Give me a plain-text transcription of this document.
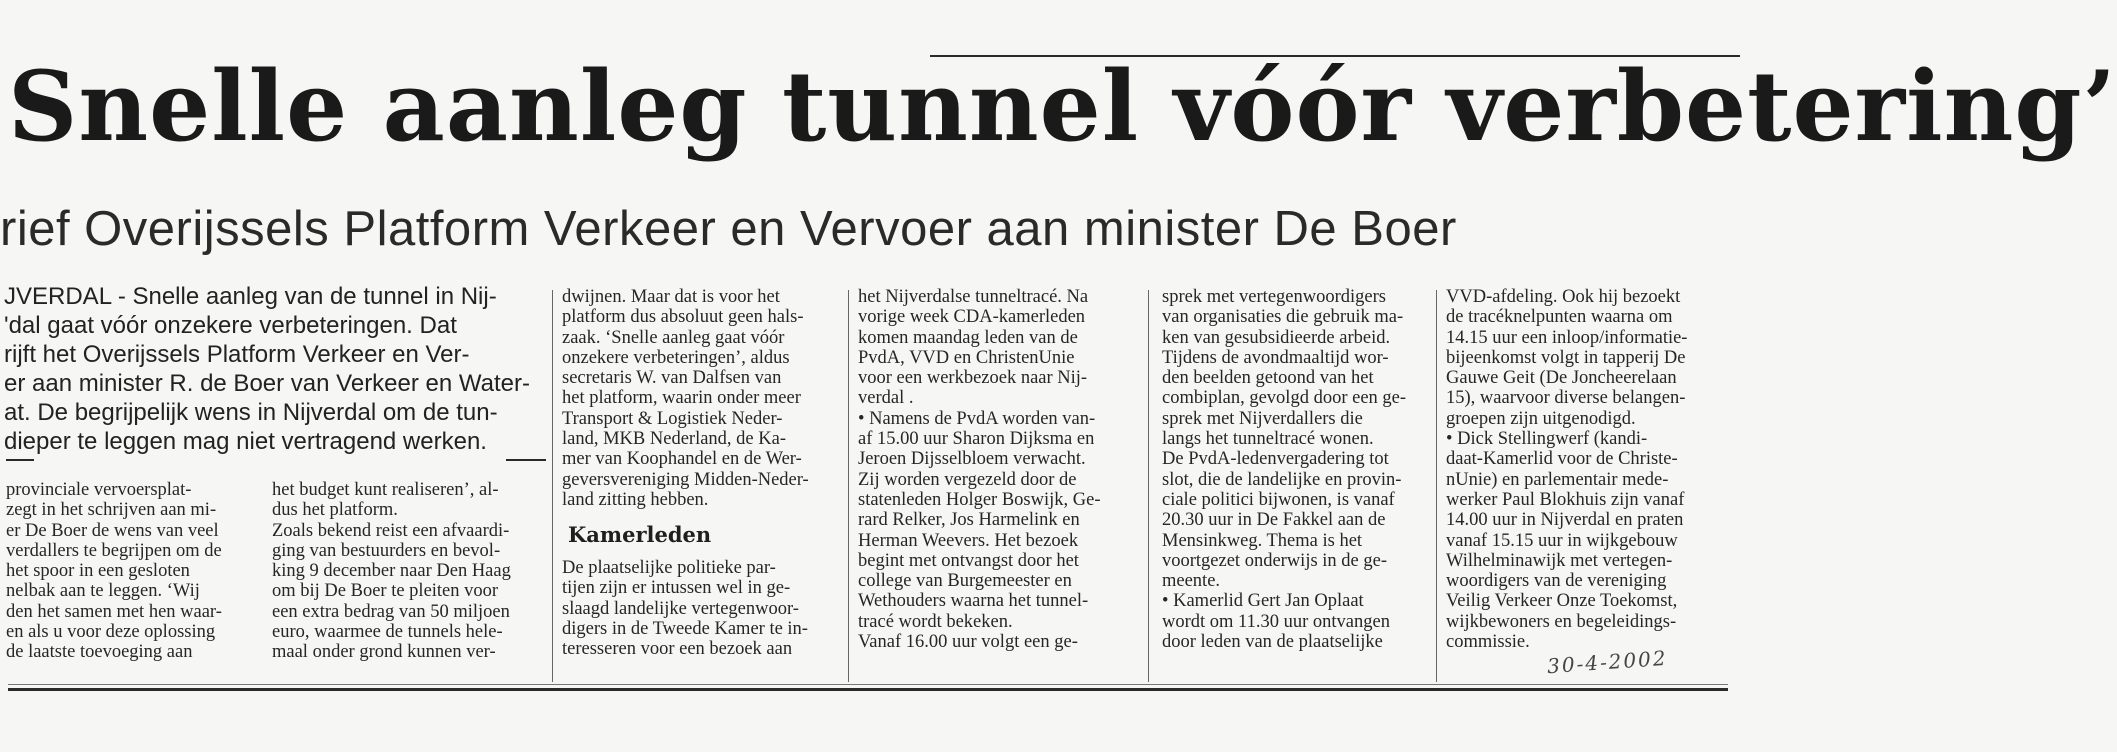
Snelle aanleg tunnel vóór verbetering’
rief Overijssels Platform Verkeer en Vervoer aan minister De Boer
JVERDAL - Snelle aanleg van de tunnel in Nij-
'dal gaat vóór onzekere verbeteringen. Dat
rijft het Overijssels Platform Verkeer en Ver-
er aan minister R. de Boer van Verkeer en Water-
at. De begrijpelijk wens in Nijverdal om de tun-
dieper te leggen mag niet vertragend werken.
provinciale vervoersplat-
zegt in het schrijven aan mi-
er De Boer de wens van veel
verdallers te begrijpen om de
het spoor in een gesloten
nelbak aan te leggen. ‘Wij
den het samen met hen waar-
en als u voor deze oplossing
de laatste toevoeging aan
het budget kunt realiseren’, al-
dus het platform.
Zoals bekend reist een afvaardi-
ging van bestuurders en bevol-
king 9 december naar Den Haag
om bij De Boer te pleiten voor
een extra bedrag van 50 miljoen
euro, waarmee de tunnels hele-
maal onder grond kunnen ver-
dwijnen. Maar dat is voor het
platform dus absoluut geen hals-
zaak. ‘Snelle aanleg gaat vóór
onzekere verbeteringen’, aldus
secretaris W. van Dalfsen van
het platform, waarin onder meer
Transport & Logistiek Neder-
land, MKB Nederland, de Ka-
mer van Koophandel en de Wer-
geversvereniging Midden-Neder-
land zitting hebben.
Kamerleden
De plaatselijke politieke par-
tijen zijn er intussen wel in ge-
slaagd landelijke vertegenwoor-
digers in de Tweede Kamer te in-
teresseren voor een bezoek aan
het Nijverdalse tunneltracé. Na
vorige week CDA-kamerleden
komen maandag leden van de
PvdA, VVD en ChristenUnie
voor een werkbezoek naar Nij-
verdal .
• Namens de PvdA worden van-
af 15.00 uur Sharon Dijksma en
Jeroen Dijsselbloem verwacht.
Zij worden vergezeld door de
statenleden Holger Boswijk, Ge-
rard Relker, Jos Harmelink en
Herman Weevers. Het bezoek
begint met ontvangst door het
college van Burgemeester en
Wethouders waarna het tunnel-
tracé wordt bekeken.
Vanaf 16.00 uur volgt een ge-
sprek met vertegenwoordigers
van organisaties die gebruik ma-
ken van gesubsidieerde arbeid.
Tijdens de avondmaaltijd wor-
den beelden getoond van het
combiplan, gevolgd door een ge-
sprek met Nijverdallers die
langs het tunneltracé wonen.
De PvdA-ledenvergadering tot
slot, die de landelijke en provin-
ciale politici bijwonen, is vanaf
20.30 uur in De Fakkel aan de
Mensinkweg. Thema is het
voortgezet onderwijs in de ge-
meente.
• Kamerlid Gert Jan Oplaat
wordt om 11.30 uur ontvangen
door leden van de plaatselijke
VVD-afdeling. Ook hij bezoekt
de tracéknelpunten waarna om
14.15 uur een inloop/informatie-
bijeenkomst volgt in tapperij De
Gauwe Geit (De Joncheerelaan
15), waarvoor diverse belangen-
groepen zijn uitgenodigd.
• Dick Stellingwerf (kandi-
daat-Kamerlid voor de Christe-
nUnie) en parlementair mede-
werker Paul Blokhuis zijn vanaf
14.00 uur in Nijverdal en praten
vanaf 15.15 uur in wijkgebouw
Wilhelminawijk met vertegen-
woordigers van de vereniging
Veilig Verkeer Onze Toekomst,
wijkbewoners en begeleidings-
commissie.
30-4-2002
